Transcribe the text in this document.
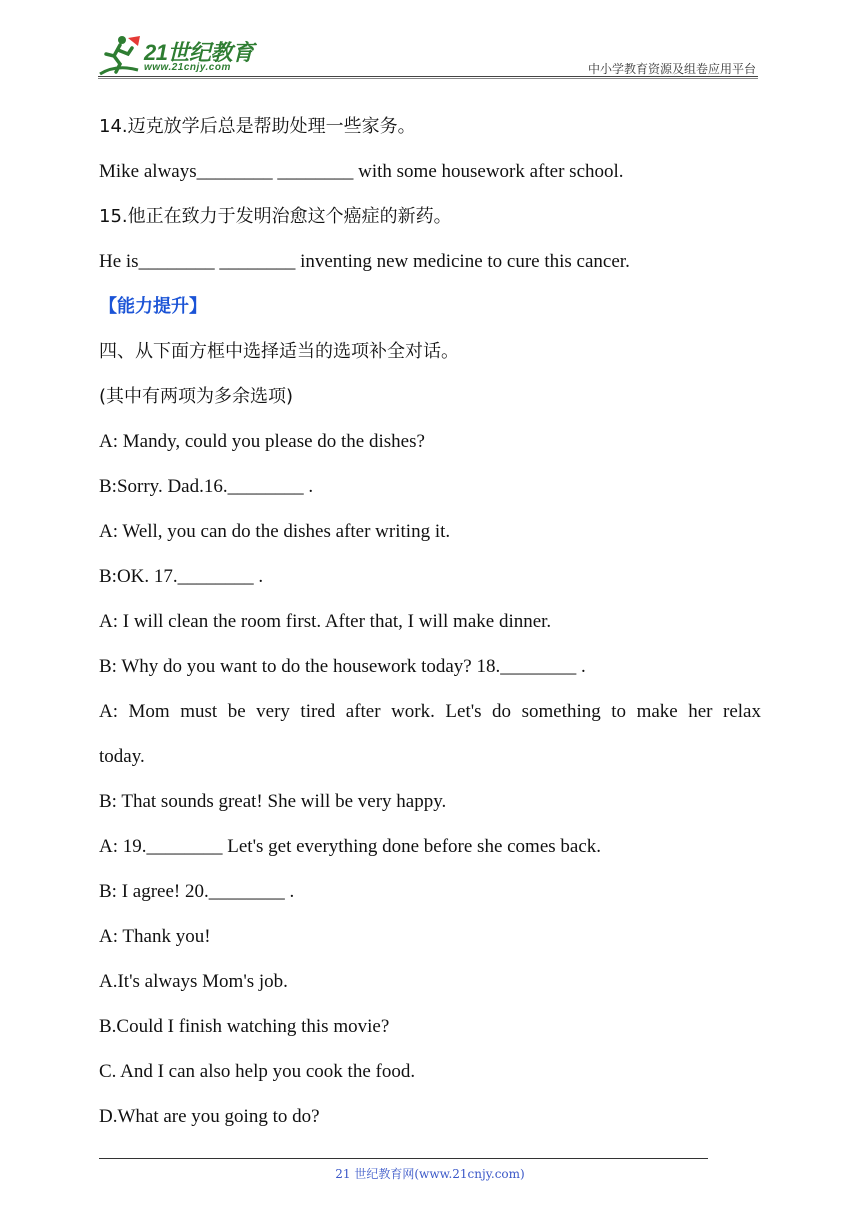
21世纪教育
www.21cnjy.com	中小学教育资源及组卷应用平台
14.迈克放学后总是帮助处理一些家务。
Mike always________ ________ with some housework after school.
15.他正在致力于发明治愈这个癌症的新药。
He is________ ________ inventing new medicine to cure this cancer.
【能力提升】
四、从下面方框中选择适当的选项补全对话。
(其中有两项为多余选项)
A: Mandy, could you please do the dishes?
B:Sorry. Dad.16.________ .
A: Well, you can do the dishes after writing it.
B:OK. 17.________ .
A: I will clean the room first. After that, I will make dinner.
B: Why do you want to do the housework today? 18.________ .
A: Mom must be very tired after work. Let's do something to make her relax
today.
B: That sounds great! She will be very happy.
A: 19.________ Let's get everything done before she comes back.
B: I agree! 20.________ .
A: Thank you!
A.It's always Mom's job.
B.Could I finish watching this movie?
C. And I can also help you cook the food.
D.What are you going to do?
21 世纪教育网(www.21cnjy.com)
